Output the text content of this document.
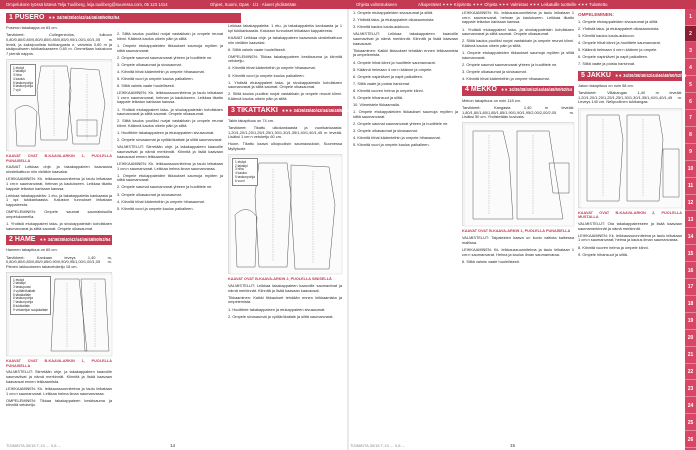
Ompelukone työssä kätevä Telja Tuuliberg, leija.tuuliberg@suuressa.com, 05 123 1414	Ohjeet, Suomi, Opas · 1/1 · Alueet yhdistetään	Ohjeita valmistukseen	Alkuperäiset ✶✶✶ Kirjoitettu ✶✶✶ Ohjeita ✶✶✶ Valmistus ✶✶✶ Leikatuille tuotteille ✶✶✶ Tulostettu
1
2
3
4
5
6
7
8
9
10
11
12
13
14
15
16
17
18
19
20
21
22
23
24
25
26
1 PUSERO ✶✶ 34/36/38/40/42/44/46/48/50/52/54

Puseron takakappa on 63 cm.

Tarvikkeet: Collegeneulos, tulkoon 0,80/0,80/0,80/0,80/0,80/0,85/0,85/0,90/1,00/1,00/1,05 m leveä, ja kaksipuolista tukikangasta n. vahvista 0,60 m ja sisäpuoliseen tukikankaaseen 0,60 m. Ommellaan kalustoon 7 pientä nappia.

1 etukpl
2 takakpl
3 hiha
4 kaulus
5 taskunpohja
6 taskunpohja
7 vyö
KAAVAT OVAT B-KAAVA-ARKIN 1, PUOLELLA PUNAISELLA

KAAVAT Leikkaa ohje. ja takakappaleen kaavaosia ulosleikattuun niin vieläkin kaavaksi.

LEIKKAAMINEN: Kk. leikkaussuunnitelma ja taulu leikataan 1 cm:n saumanvarat, helman ja kaulukseen. Leikkaa tikattu kappale leikatun kankaan kanssa.

Leikkaa takakappaleita: 1 etu- ja takakappaletta kankaasta ja 1 kpl tukikankaasta. Kaluston tunnukset leikataan kappaleesta.

OMPELEMINEN: Ompele saumat saumaluisuilla ompelukoneella.

1. Yhdistä etukappaleet taka- ja sivukappaleisiin kohdistaen saumanvarat ja silitä saumat. Ompele olkasaumat.

2 HAME ✶✶ 34/36/38/40/42/44/46/48/50/52/54

Hameen takapituus on 60 cm.

Tarvikkeet: Kankaan leveys 1,40 m, 0,80/0,80/0,80/0,85/0,85/0,90/0,90/0,95/1,00/1,00/1,05 m. Pienen lakkuukseen takavetoketju 18 cm.

1 etukpl
2 takakpl
3 taskupussi
4 vyötärökaitale
5 takakaitale
6 taskunpohja
7 taskunpohja
8 tukikaitale
9 vetoketjun suojakaitale
KAAVAT OVAT B-KAAVA-ARKIN 1, PUOLELLA PUNAISELLA

VALMISTELUT: Siirretään ohje. ja takakappaleen kaavoille saumaviivat ja nämä merkinnät. Kiinnitä ja lisää kaavaan kaavaosat ennen leikkaamista.

LEIKKAAMINEN: Kk. leikkaussuunnitelma ja taulu leikataan 1 cm:n saumanvarat. Leikkaa helma ilman saumanvaraa.

OMPELEMINEN: Tikkaa takakappaleen keskisauma ja kiinnitä vetoketju.

2. Silitä kaulus puoliksi nurjat vastakkain ja ompele reunat kiinni. Käännä kaulus oikein päin ja silitä.

1. Ompele etukappaleiden tikkaukset saumoja myöten ja silitä saumanvarat.

2. Ompele saumat saumanvarat yhteen ja huolittele ne.

3. Ompele olkasaumat ja sivusaumat.

4. Kiinnitä hihat kädenteihin ja ompele hihasaumat.

5. Kiinnitä vuori ja ompele kaulus paikalleen.

6. Silitä valmis vaate huolellisesti.

LEIKKAAMINEN: Kk. leikkaussuunnitelma ja taulu leikataan 1 cm:n saumanvarat, helman ja kaulukseen. Leikkaa tikattu kappale leikatun kankaan kanssa.

1. Yhdistä etukappaleet taka- ja sivukappaleisiin kohdistaen saumanvarat ja silitä saumat. Ompele olkasaumat.

2. Silitä kaulus puoliksi nurjat vastakkain ja ompele reunat kiinni. Käännä kaulus oikein päin ja silitä.

1. Huolittele takakappaleen ja etukappaleen sivusaumat.

2. Ompele sivusaumat ja vyötärökaitale ja silitä saumanvarat.

VALMISTELUT: Siirretään ohje. ja takakappaleen kaavoille saumaviivat ja nämä merkinnät. Kiinnitä ja lisää kaavaan kaavaosat ennen leikkaamista.

LEIKKAAMINEN: Kk. leikkaussuunnitelma ja taulu leikataan 1 cm:n saumanvarat. Leikkaa helma ilman saumanvaraa.

1. Ompele etukappaleiden tikkaukset saumoja myöten ja silitä saumanvarat.

2. Ompele saumat saumanvarat yhteen ja huolittele ne.

3. Ompele olkasaumat ja sivusaumat.

4. Kiinnitä hihat kädenteihin ja ompele hihasaumat.

5. Kiinnitä vuori ja ompele kaulus paikalleen.

Leikkaa takakappaleita: 1 etu- ja takakappaletta kankaasta ja 1 kpl tukikankaasta. Kaluston tunnukset leikataan kappaleesta.

KAAVAT Leikkaa ohje. ja takakappaleen kaavaosia ulosleikattuun niin vieläkin kaavaksi.

6. Silitä valmis vaate huolellisesti.

OMPELEMINEN: Tikkaa takakappaleen keskisauma ja kiinnitä vetoketju.

4. Kiinnitä hihat kädenteihin ja ompele hihasaumat.

5. Kiinnitä vuori ja ompele kaulus paikalleen.

1. Yhdistä etukappaleet taka- ja sivukappaleisiin kohdistaen saumanvarat ja silitä saumat. Ompele olkasaumat.

2. Silitä kaulus puoliksi nurjat vastakkain ja ompele reunat kiinni. Käännä kaulus oikein päin ja silitä.

3 TIKATTAKKI ✶✶✶ 34/36/38/40/42/44/46/48/50/52/54

Takin takapituus on 74 cm.

Tarvikkeet: Tikattu ulkokankaasta ja vuorikankaasta: 1,20/1,20/1,20/1,25/1,25/1,30/1,30/1,35/1,40/1,40/1,45 m leveää. Lisäksi 1 cm:n vetoketju 60 cm.

Huom. Tikattu kaava ulkopuolisin saumaosuksin, Suomessa Myllytuote

1 etukpl
2 takakpl
3 hiha
4 kaulus
5 taskunpohja
6 vuori
KAAVAT OVAT B-KAAVA-ARKIN 2, PUOLELLA SINISELLÄ

VALMISTELUT: Leikkaa takakappaleen kaavoille saumaviivat ja nämä merkinnät. Kiinnitä ja lisää kaavaan kaavaosat.

Tikkaaminen: Kaikki tikkaukset tehdään ennen leikkaamista ja ompelemista.

1. Huolittele takakappaleen ja etukappaleen sivusaumat.

2. Ompele sivusaumat ja vyötärökaitale ja silitä saumanvarat.

TOIMINTA 30/15 T-13 ← 0,8 ←	14

1. Ompele etukappaleiden sivusaumat ja silitä.

2. Yhdistä taka- ja etukappaleet olkasaumoista.

3. Kiinnitä kaulus kaula-aukkoon.

VALMISTELUT: Leikkaa takakappaleen kaavoille saumaviivat ja nämä merkinnät. Kiinnitä ja lisää kaavaan kaavaosat.

Tikkaaminen: Kaikki tikkaukset tehdään ennen leikkaamista ja ompelemista.

4. Ompele hihat kiinni ja huolittele saumanvarat.

5. Käännä helmaan 4 cm:n käänne ja ompele.

6. Ompele napinlävet ja napit paikalleen.

7. Silitä vaate ja poista harsinnat.

8. Kiinnitä vuoren helma ja ompele kiinni.

9. Ompele hihansuut ja silitä.

10. Viimeistele tikkaamalla.

1. Ompele etukappaleiden tikkaukset saumoja myöten ja silitä saumanvarat.

2. Ompele saumat saumanvarat yhteen ja huolittele ne.

3. Ompele olkasaumat ja sivusaumat.

4. Kiinnitä hihat kädenteihin ja ompele hihasaumat.

5. Kiinnitä vuori ja ompele kaulus paikalleen.

LEIKKAAMINEN: Kk. leikkaussuunnitelma ja taulu leikataan 1 cm:n saumanvarat, helman ja kaulukseen. Leikkaa tikattu kappale leikatun kankaan kanssa.

1. Yhdistä etukappaleet taka- ja sivukappaleisiin kohdistaen saumanvarat ja silitä saumat. Ompele olkasaumat.

2. Silitä kaulus puoliksi nurjat vastakkain ja ompele reunat kiinni. Käännä kaulus oikein päin ja silitä.

1. Ompele etukappaleiden tikkaukset saumoja myöten ja silitä saumanvarat.

2. Ompele saumat saumanvarat yhteen ja huolittele ne.

3. Ompele olkasaumat ja sivusaumat.

4. Kiinnitä hihat kädenteihin ja ompele hihasaumat.

4 MEKKO ✶✶ 34/36/38/40/42/44/46/48/50/52/54

Mekon takapituus on noin 118 cm.

Tarvikkeet: Kangasta 1,40 m leveää: 1,80/1,80/1,80/1,85/1,85/1,90/1,90/1,95/2,00/2,00/2,05 m. Lisäksi 50 cm. Yhdistetään kuviosta.

KAAVAT OVAT B-KAAVA-ARKIN 1, PUOLELLA PUNAISELLA

VALMISTELUT: Taipaleiden kaava on kuvio valtiota kaikessa mallissa.

LEIKKAAMINEN: Kk. leikkaussuunnitelma ja taulu leikataan 1 cm:n saumanvarat. Helma ja kaulus ilman saumanvaraa.

6. Silitä valmis vaate huolellisesti.

OMPELEMINEN:

1. Ompele etukappaleiden sivusaumat ja silitä.

2. Yhdistä taka- ja etukappaleet olkasaumoista.

3. Kiinnitä kaulus kaula-aukkoon.

4. Ompele hihat kiinni ja huolittele saumanvarat.

5. Käännä helmaan 4 cm:n käänne ja ompele.

6. Ompele napinlävet ja napit paikalleen.

7. Silitä vaate ja poista harsinnat.

5 JAKKU ✶✶ 34/36/38/40/42/44/46/48/50/52/54

Jakun takapituus on noin 58 cm.

Tarvikkeet: Villakangas 1,40 m leveää: 1,20/1,20/1,20/1,25/1,25/1,30/1,30/1,35/1,40/1,40/1,45 m. Leveys 140 cm. Nelipuolinen tukikangas.

KAAVAT OVAT B-KAAVA-ARKIN 2, PUOLELLA MUSTALLA

VALMISTELUT: Ota takakappaleeseen ja lisää kaavaan saumamerkinnät ja nämä merkinnät.

LEIKKAAMINEN: Kk. leikkaussuunnitelma ja taulu leikataan 1 cm:n saumanvarat, helma ja kaulus ilman saumanvaraa.

8. Kiinnitä vuoren helma ja ompele kiinni.

9. Ompele hihansuut ja silitä.

TOIMINTA 30/15 T-13 ← 0,8 ←	15
